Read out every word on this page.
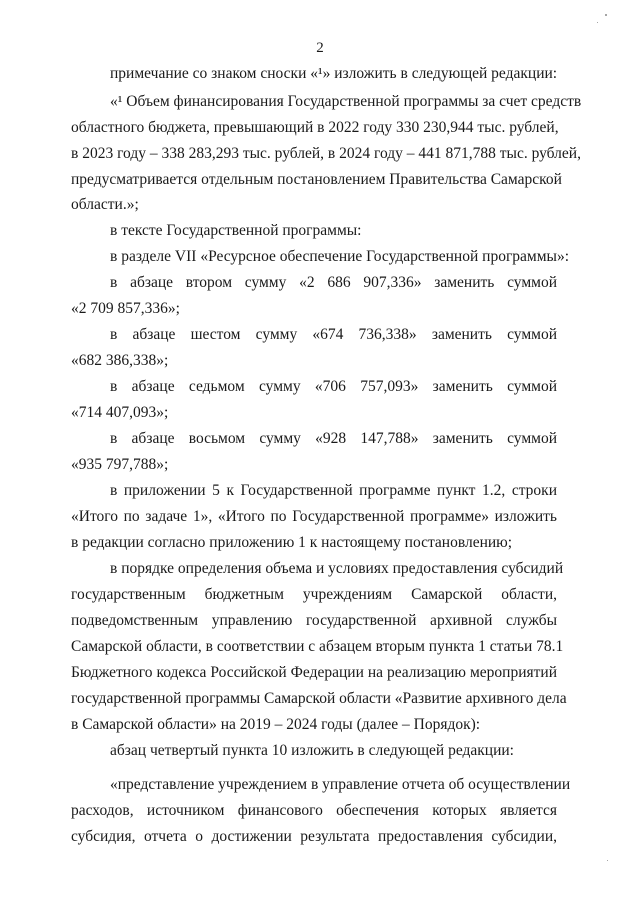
2
примечание со знаком сноски «¹» изложить в следующей редакции:
«¹ Объем финансирования Государственной программы за счет средств
областного бюджета, превышающий в 2022 году 330 230,944 тыс. рублей,
в 2023 году – 338 283,293 тыс. рублей, в 2024 году – 441 871,788 тыс. рублей,
предусматривается отдельным постановлением Правительства Самарской
области.»;
в тексте Государственной программы:
в разделе VII «Ресурсное обеспечение Государственной программы»:
в абзаце втором сумму «2 686 907,336» заменить суммой
«2 709 857,336»;
в абзаце шестом сумму «674 736,338» заменить суммой
«682 386,338»;
в абзаце седьмом сумму «706 757,093» заменить суммой
«714 407,093»;
в абзаце восьмом сумму «928 147,788» заменить суммой
«935 797,788»;
в приложении 5 к Государственной программе пункт 1.2, строки
«Итого по задаче 1», «Итого по Государственной программе» изложить
в редакции согласно приложению 1 к настоящему постановлению;
в порядке определения объема и условиях предоставления субсидий
государственным бюджетным учреждениям Самарской области,
подведомственным управлению государственной архивной службы
Самарской области, в соответствии с абзацем вторым пункта 1 статьи 78.1
Бюджетного кодекса Российской Федерации на реализацию мероприятий
государственной программы Самарской области «Развитие архивного дела
в Самарской области» на 2019 – 2024 годы (далее – Порядок):
абзац четвертый пункта 10 изложить в следующей редакции:
«представление учреждением в управление отчета об осуществлении
расходов, источником финансового обеспечения которых является
субсидия, отчета о достижении результата предоставления субсидии,
